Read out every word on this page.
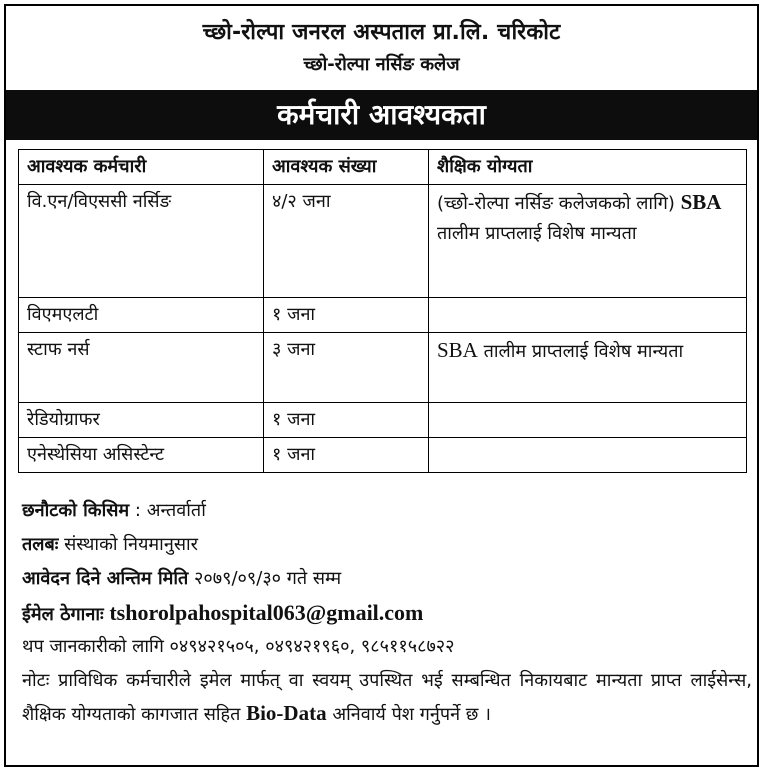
च्छो-रोल्पा जनरल अस्पताल प्रा.लि. चरिकोट
च्छो-रोल्पा नर्सिङ कलेज
कर्मचारी आवश्यकता
आवश्यक कर्मचारी	आवश्यक संख्या	शैक्षिक योग्यता
वि.एन/विएससी नर्सिङ	४/२ जना	(च्छो-रोल्पा नर्सिङ कलेजकको लागि) SBA तालीम प्राप्तलाई विशेष मान्यता
विएमएलटी	१ जना	
स्टाफ नर्स	३ जना	SBA तालीम प्राप्तलाई विशेष मान्यता
रेडियोग्राफर	१ जना	
एनेस्थेसिया असिस्टेन्ट	१ जना	
छनौटको किसिम : अन्तर्वार्ता
तलबः संस्थाको नियमानुसार
आवेदन दिने अन्तिम मिति २०७९/०९/३० गते सम्म
ईमेल ठेगानाः tshorolpahospital063@gmail.com
थप जानकारीको लागि ०४९४२१५०५, ०४९४२१९६०, ९८५११५८७२२
नोटः प्राविधिक कर्मचारीले इमेल मार्फत् वा स्वयम् उपस्थित भई सम्बन्धित निकायबाट मान्यता प्राप्त लाईसेन्स, शैक्षिक योग्यताको कागजात सहित Bio-Data अनिवार्य पेश गर्नुपर्ने छ ।
